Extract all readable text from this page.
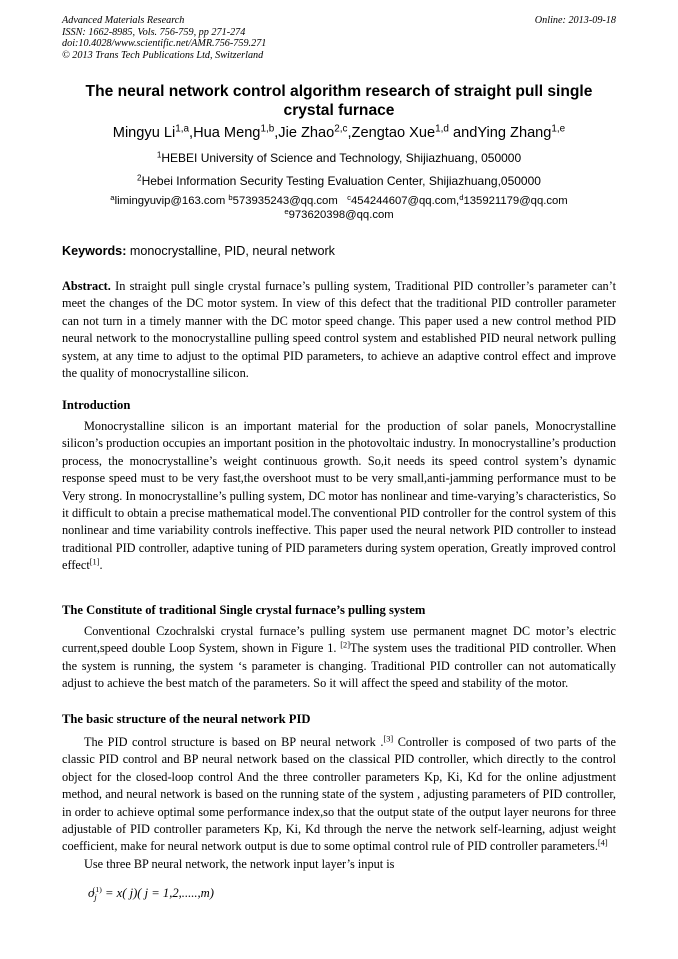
Advanced Materials Research
ISSN: 1662-8985, Vols. 756-759, pp 271-274
doi:10.4028/www.scientific.net/AMR.756-759.271
© 2013 Trans Tech Publications Ltd, Switzerland
Online: 2013-09-18
The neural network control algorithm research of straight pull single crystal furnace
Mingyu Li$^{1,a}$,Hua Meng$^{1,b}$,Jie Zhao$^{2,c}$,Zengtao Xue$^{1,d}$ andYing Zhang$^{1,e}$
$^1$HEBEI University of Science and Technology, Shijiazhuang, 050000
$^2$Hebei Information Security Testing Evaluation Center, Shijiazhuang,050000
$^a$limingyuvip@163.com $^b$573935243@qq.com   $^c$454244607@qq.com,$^d$135921179@qq.com
$^e$973620398@qq.com
Keywords: monocrystalline, PID, neural network

Abstract. In straight pull single crystal furnace’s pulling system, Traditional PID controller’s parameter can’t meet the changes of the DC motor system. In view of this defect that the traditional PID controller parameter can not turn in a timely manner with the DC motor speed change. This paper used a new control method PID neural network to the monocrystalline pulling speed control system and established PID neural network pulling system, at any time to adjust to the optimal PID parameters, to achieve an adaptive control effect and improve the quality of monocrystalline silicon.

Introduction

Monocrystalline silicon is an important material for the production of solar panels, Monocrystalline silicon’s production occupies an important position in the photovoltaic industry. In monocrystalline’s production process, the monocrystalline’s weight continuous growth. So,it needs its speed control system’s dynamic response speed must to be very fast,the overshoot must to be very small,anti-jamming performance must to be Very strong. In monocrystalline’s pulling system, DC motor has nonlinear and time-varying’s characteristics, So it difficult to obtain a precise mathematical model.The conventional PID controller for the control system of this nonlinear and time variability controls ineffective. This paper used the neural network PID controller to instead traditional PID controller, adaptive tuning of PID parameters during system operation, Greatly improved control effect[1].

The Constitute of traditional Single crystal furnace’s pulling system

Conventional Czochralski crystal furnace’s pulling system use permanent magnet DC motor’s electric current,speed double Loop System, shown in Figure 1. [2]The system uses the traditional PID controller. When the system is running, the system ‘s parameter is changing. Traditional PID controller can not automatically adjust to achieve the best match of the parameters. So it will affect the speed and stability of the motor.

The basic structure of the neural network PID

The PID control structure is based on BP neural network .[3] Controller is composed of two parts of the classic PID control and BP neural network based on the classical PID controller, which directly to the control object for the closed-loop control And the three controller parameters Kp, Ki, Kd for the online adjustment method, and neural network is based on the running state of the system , adjusting parameters of PID controller, in order to achieve optimal some performance index,so that the output state of the output layer neurons for three adjustable of PID controller parameters Kp, Ki, Kd through the nerve the network self-learning, adjust weight coefficient, make for neural network output is due to some optimal control rule of PID controller parameters.[4]

Use three BP neural network, the network input layer’s input is

$o_j^{(1)} = x$( j)( j = 1,2,.....,m)
